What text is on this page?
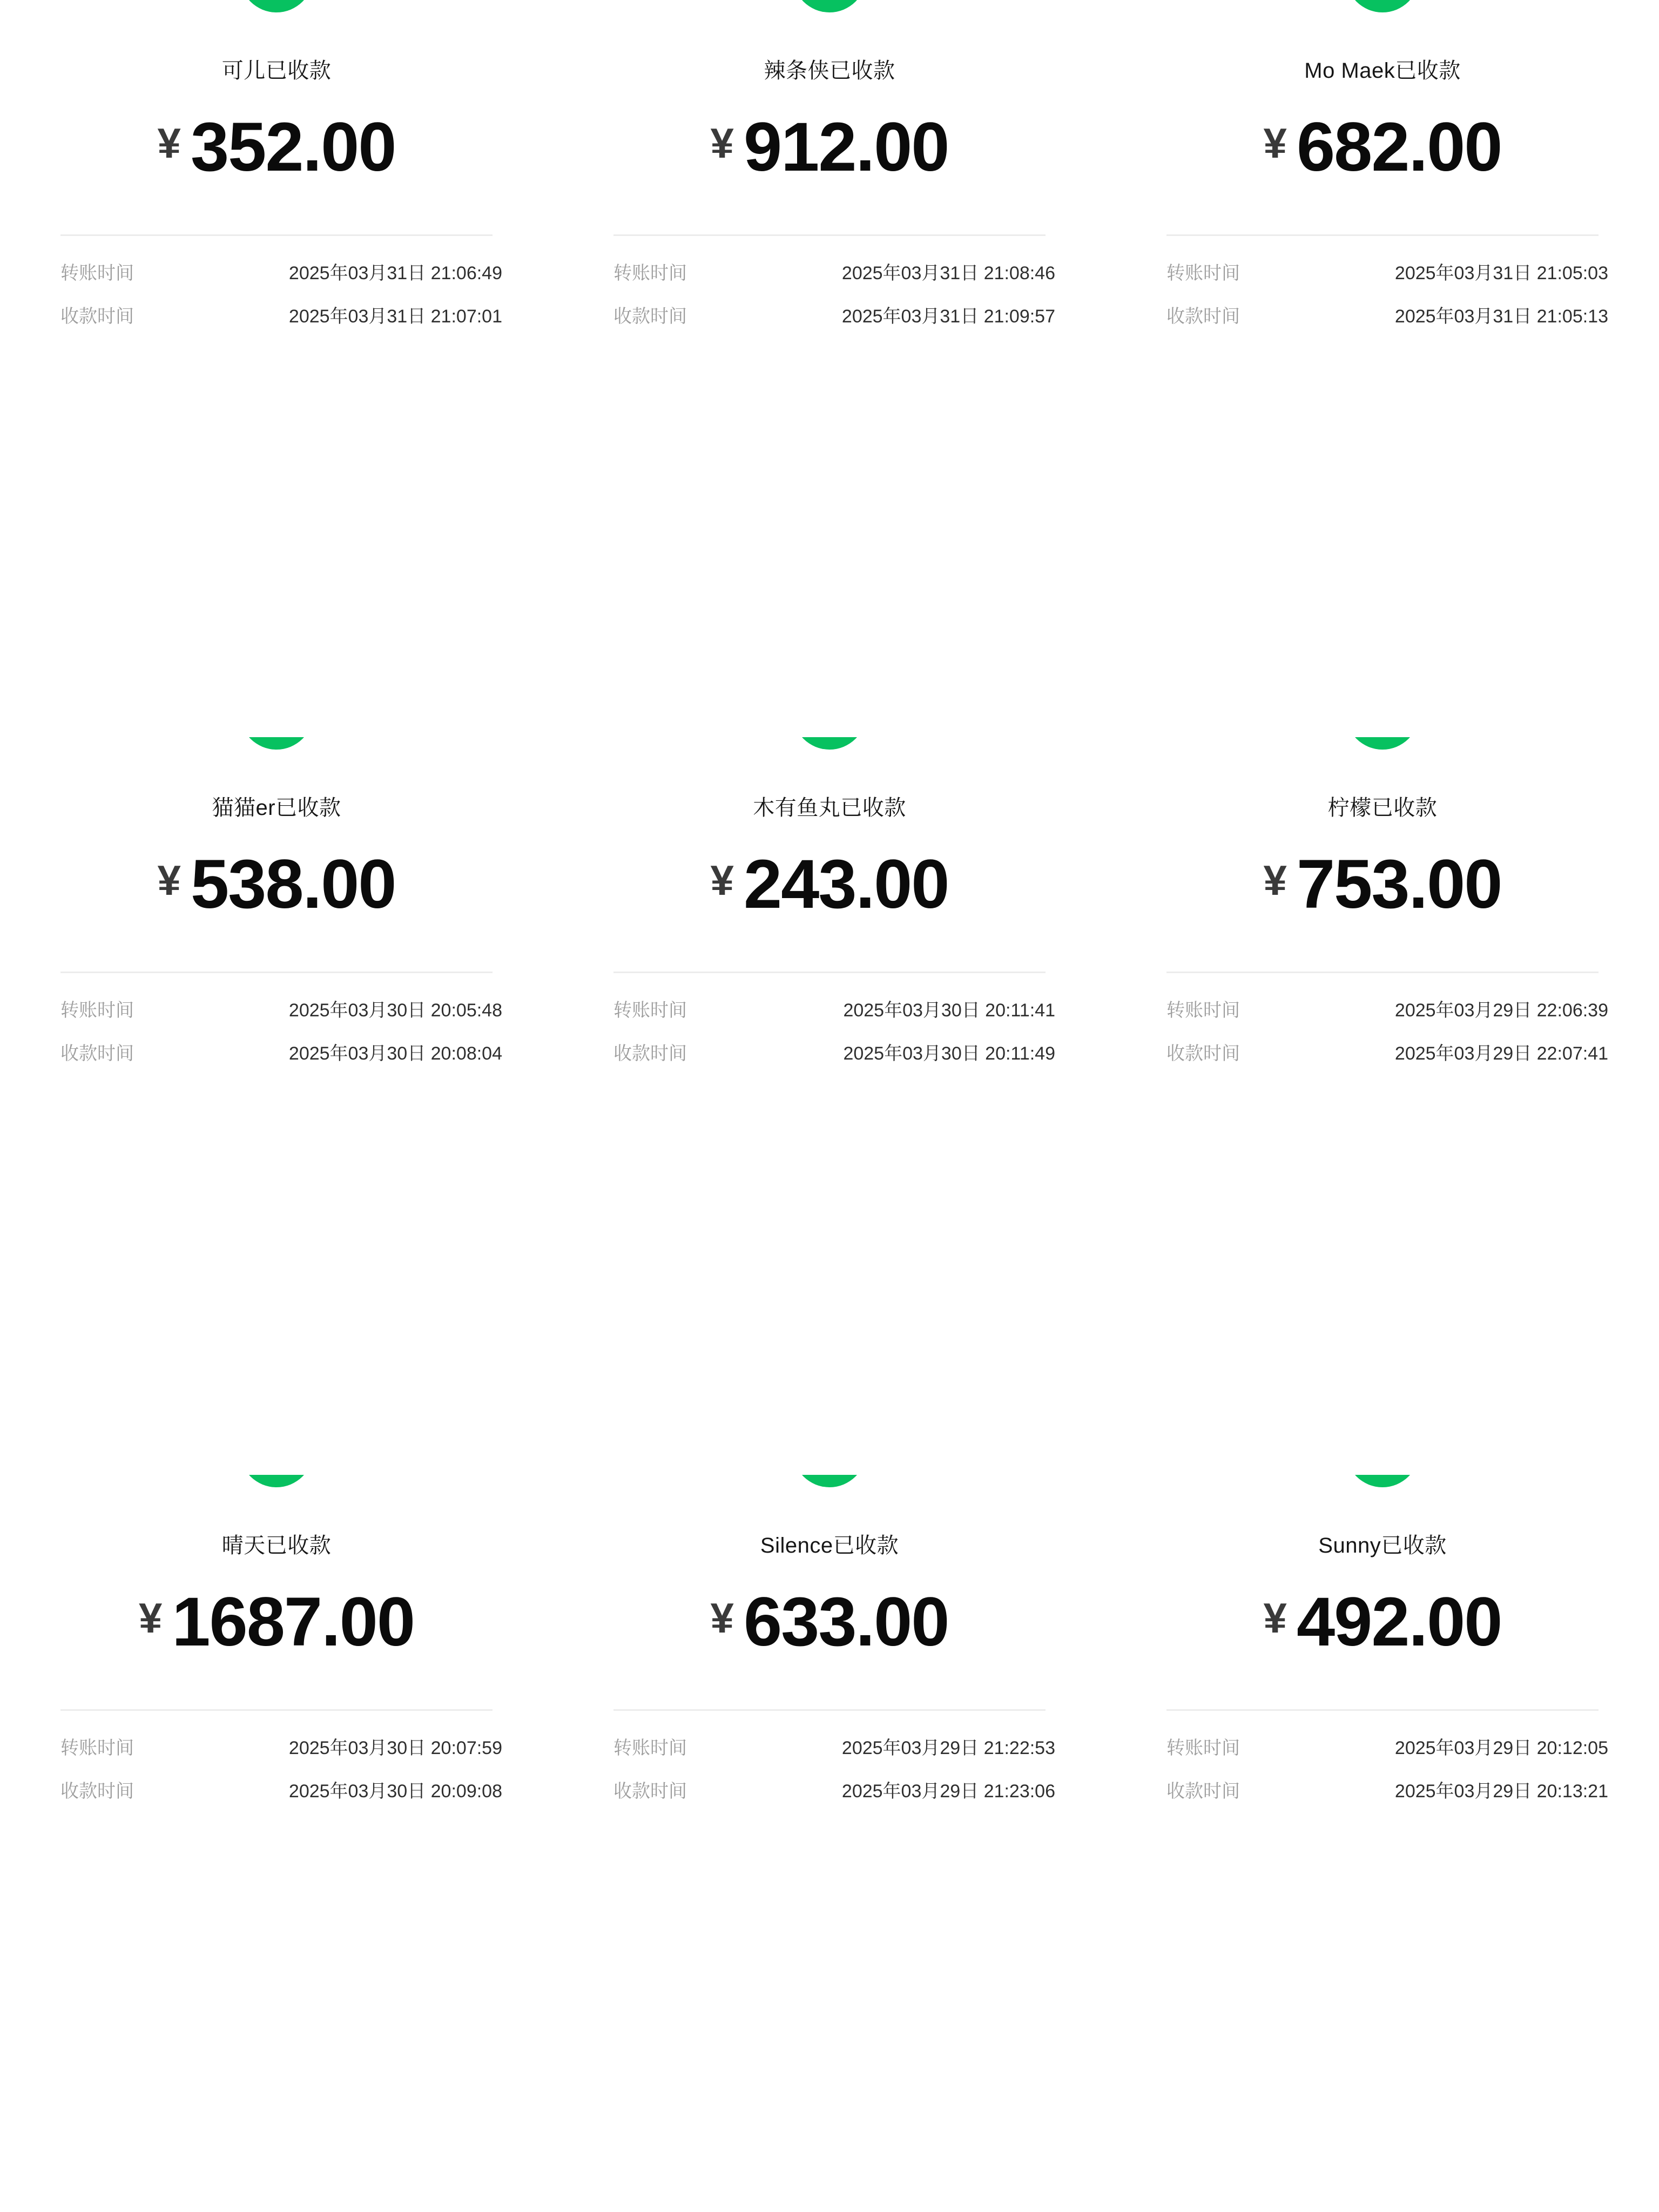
可儿已收款
¥ 352.00
转账时间	2025年03月31日 21:06:49
收款时间	2025年03月31日 21:07:01
辣条侠已收款
¥ 912.00
转账时间	2025年03月31日 21:08:46
收款时间	2025年03月31日 21:09:57
Mo Maek已收款
¥ 682.00
转账时间	2025年03月31日 21:05:03
收款时间	2025年03月31日 21:05:13
猫猫er已收款
¥ 538.00
转账时间	2025年03月30日 20:05:48
收款时间	2025年03月30日 20:08:04
木有鱼丸已收款
¥ 243.00
转账时间	2025年03月30日 20:11:41
收款时间	2025年03月30日 20:11:49
柠檬已收款
¥ 753.00
转账时间	2025年03月29日 22:06:39
收款时间	2025年03月29日 22:07:41
晴天已收款
¥ 1687.00
转账时间	2025年03月30日 20:07:59
收款时间	2025年03月30日 20:09:08
Silence已收款
¥ 633.00
转账时间	2025年03月29日 21:22:53
收款时间	2025年03月29日 21:23:06
Sunny已收款
¥ 492.00
转账时间	2025年03月29日 20:12:05
收款时间	2025年03月29日 20:13:21
